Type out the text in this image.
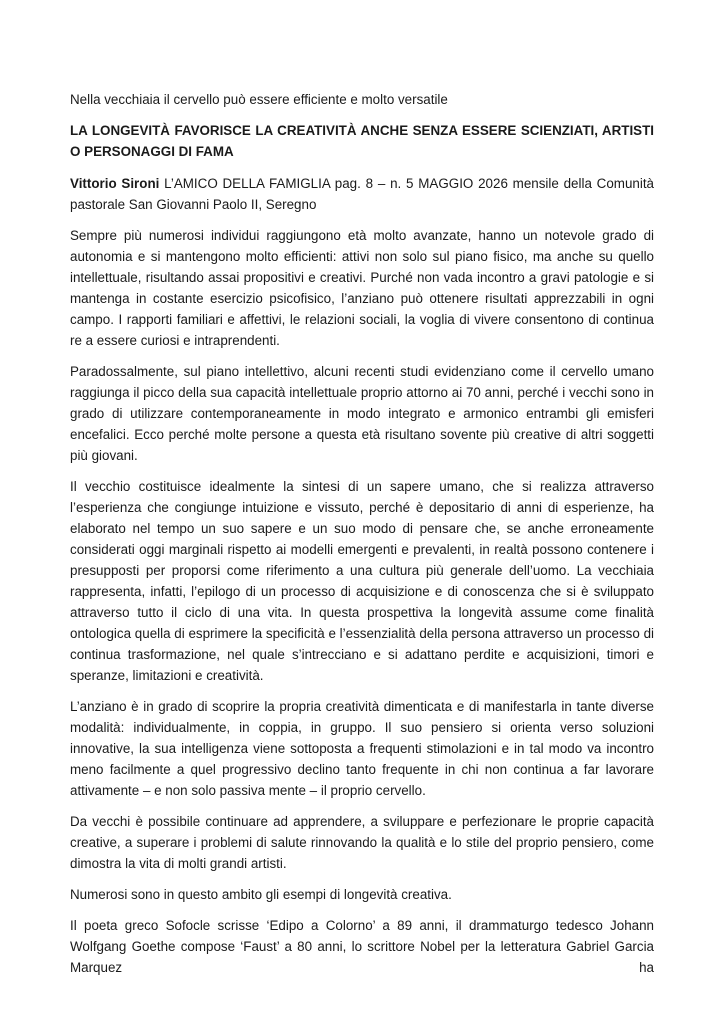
Nella vecchiaia il cervello può essere efficiente e molto versatile

LA LONGEVITÀ FAVORISCE LA CREATIVITÀ ANCHE SENZA ESSERE SCIENZIATI, ARTISTI O PERSONAGGI DI FAMA

Vittorio Sironi L’AMICO DELLA FAMIGLIA pag. 8 – n. 5 MAGGIO 2026 mensile della Comunità pastorale San Giovanni Paolo II, Seregno

Sempre più numerosi individui raggiungono età molto avanzate, hanno un notevole grado di autonomia e si mantengono molto efficienti: attivi non solo sul piano fisico, ma anche su quello intellettuale, risultando assai propositivi e creativi. Purché non vada incontro a gravi patologie e si mantenga in costante esercizio psicofisico, l’anziano può ottenere risultati apprezzabili in ogni campo. I rapporti familiari e affettivi, le relazioni sociali, la voglia di vivere consentono di continua re a essere curiosi e intraprendenti.

Paradossalmente, sul piano intellettivo, alcuni recenti studi evidenziano come il cervello umano raggiunga il picco della sua capacità intellettuale proprio attorno ai 70 anni, perché i vecchi sono in grado di utilizzare contemporaneamente in modo integrato e armonico entrambi gli emisferi encefalici. Ecco perché molte persone a questa età risultano sovente più creative di altri soggetti più giovani.

Il vecchio costituisce idealmente la sintesi di un sapere umano, che si realizza attraverso l’esperienza che congiunge intuizione e vissuto, perché è depositario di anni di esperienze, ha elaborato nel tempo un suo sapere e un suo modo di pensare che, se anche erroneamente considerati oggi marginali rispetto ai modelli emergenti e prevalenti, in realtà possono contenere i presupposti per proporsi come riferimento a una cultura più generale dell’uomo. La vecchiaia rappresenta, infatti, l’epilogo di un processo di acquisizione e di conoscenza che si è sviluppato attraverso tutto il ciclo di una vita. In questa prospettiva la longevità assume come finalità ontologica quella di esprimere la specificità e l’essenzialità della persona attraverso un processo di continua trasformazione, nel quale s’intrecciano e si adattano perdite e acquisizioni, timori e speranze, limitazioni e creatività.

L’anziano è in grado di scoprire la propria creatività dimenticata e di manifestarla in tante diverse modalità: individualmente, in coppia, in gruppo. Il suo pensiero si orienta verso soluzioni innovative, la sua intelligenza viene sottoposta a frequenti stimolazioni e in tal modo va incontro meno facilmente a quel progressivo declino tanto frequente in chi non continua a far lavorare attivamente – e non solo passiva mente – il proprio cervello.

Da vecchi è possibile continuare ad apprendere, a sviluppare e perfezionare le proprie capacità creative, a superare i problemi di salute rinnovando la qualità e lo stile del proprio pensiero, come dimostra la vita di molti grandi artisti.

Numerosi sono in questo ambito gli esempi di longevità creativa.

Il poeta greco Sofocle scrisse ‘Edipo a Colorno’ a 89 anni, il drammaturgo tedesco Johann Wolfgang Goethe compose ‘Faust’ a 80 anni, lo scrittore Nobel per la letteratura Gabriel Garcia Marquez ha
